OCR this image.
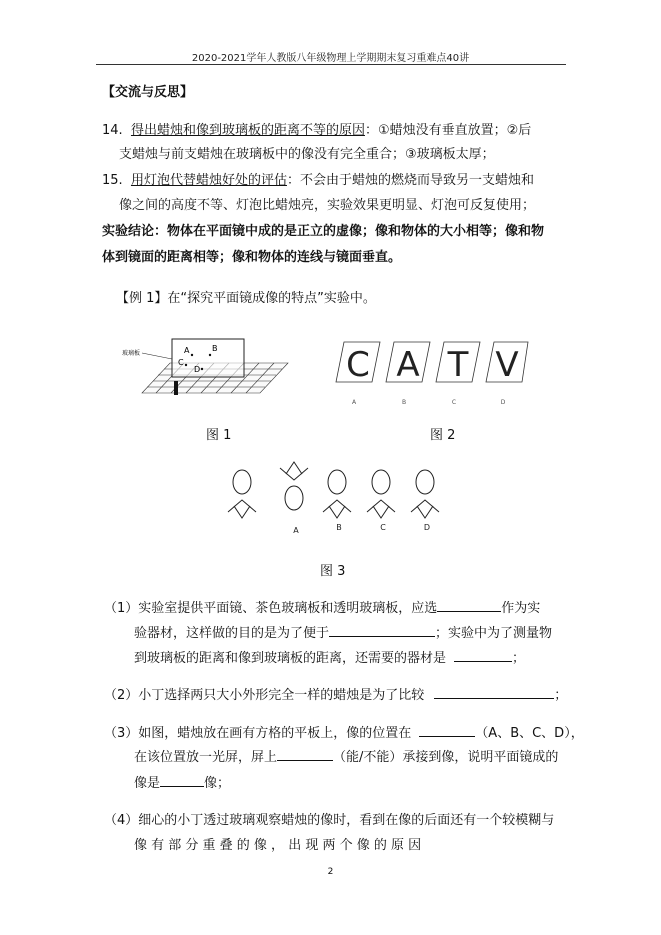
2020-2021学年人教版八年级物理上学期期末复习重难点40讲
【交流与反思】
14. 得出蜡烛和像到玻璃板的距离不等的原因：①蜡烛没有垂直放置；②后
支蜡烛与前支蜡烛在玻璃板中的像没有完全重合；③玻璃板太厚；
15. 用灯泡代替蜡烛好处的评估：不会由于蜡烛的燃烧而导致另一支蜡烛和
像之间的高度不等、灯泡比蜡烛亮，实验效果更明显、灯泡可反复使用；
实验结论：物体在平面镜中成的是正立的虚像；像和物体的大小相等；像和物
体到镜面的距离相等；像和物体的连线与镜面垂直。
【例 1】在“探究平面镜成像的特点”实验中。
玻璃板	A	B
C
D
图 1
C A T V
A	B	C	D
图 2
A	B	C	D
图 3
（1）实验室提供平面镜、茶色玻璃板和透明玻璃板，应选	作为实
验器材，这样做的目的是为了便于	；实验中为了测量物
到玻璃板的距离和像到玻璃板的距离，还需要的器材是	；
（2）小丁选择两只大小外形完全一样的蜡烛是为了比较	；
（3）如图，蜡烛放在画有方格的平板上，像的位置在	（A、B、C、D），
在该位置放一光屏，屏上	（能/不能）承接到像，说明平面镜成的
像是	像；
（4）细心的小丁透过玻璃观察蜡烛的像时，看到在像的后面还有一个较模糊与
像 有 部 分 重 叠 的 像 ， 出 现 两 个 像 的 原 因
2
